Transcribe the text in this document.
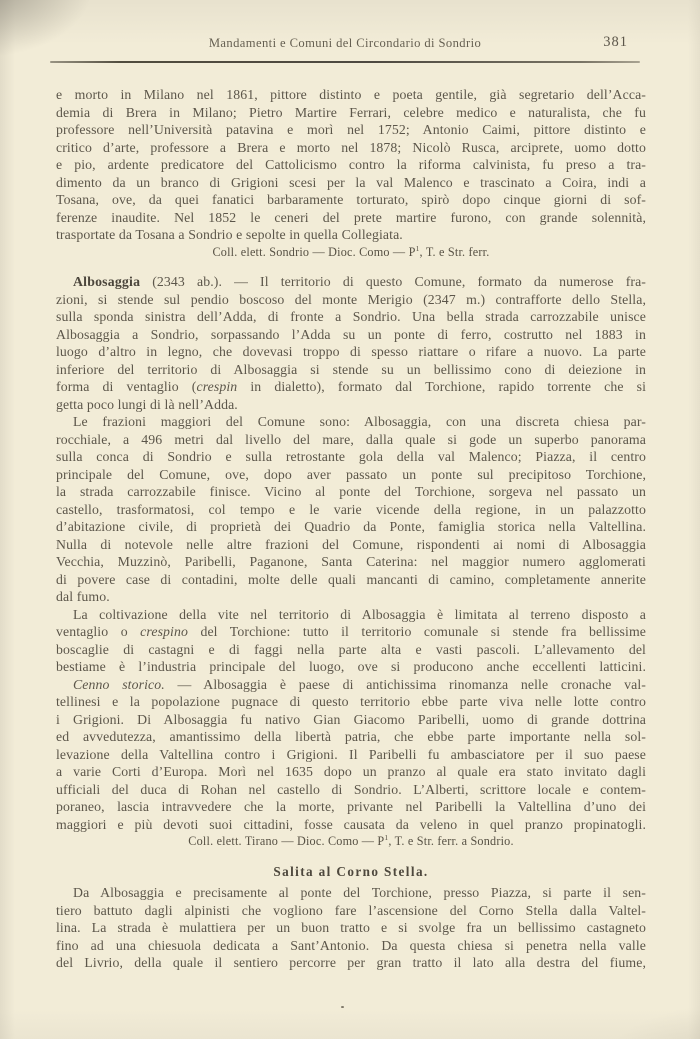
Mandamenti e Comuni del Circondario di Sondrio	381
e morto in Milano nel 1861, pittore distinto e poeta gentile, già segretario dell’Acca-
demia di Brera in Milano; Pietro Martire Ferrari, celebre medico e naturalista, che fu
professore nell’Università patavina e morì nel 1752; Antonio Caimi, pittore distinto e
critico d’arte, professore a Brera e morto nel 1878; Nicolò Rusca, arciprete, uomo dotto
e pio, ardente predicatore del Cattolicismo contro la riforma calvinista, fu preso a tra-
dimento da un branco di Grigioni scesi per la val Malenco e trascinato a Coira, indi a
Tosana, ove, da quei fanatici barbaramente torturato, spirò dopo cinque giorni di sof-
ferenze inaudite. Nel 1852 le ceneri del prete martire furono, con grande solennità,
trasportate da Tosana a Sondrio e sepolte in quella Collegiata.
Coll. elett. Sondrio — Dioc. Como — $P^1$, T. e Str. ferr.
Albosaggia (2343 ab.). — Il territorio di questo Comune, formato da numerose fra-
zioni, si stende sul pendio boscoso del monte Merigio (2347 m.) contrafforte dello Stella,
sulla sponda sinistra dell’Adda, di fronte a Sondrio. Una bella strada carrozzabile unisce
Albosaggia a Sondrio, sorpassando l’Adda su un ponte di ferro, costrutto nel 1883 in
luogo d’altro in legno, che dovevasi troppo di spesso riattare o rifare a nuovo. La parte
inferiore del territorio di Albosaggia si stende su un bellissimo cono di deiezione in
forma di ventaglio (crespin in dialetto), formato dal Torchione, rapido torrente che si
getta poco lungi di là nell’Adda.
Le frazioni maggiori del Comune sono: Albosaggia, con una discreta chiesa par-
rocchiale, a 496 metri dal livello del mare, dalla quale si gode un superbo panorama
sulla conca di Sondrio e sulla retrostante gola della val Malenco; Piazza, il centro
principale del Comune, ove, dopo aver passato un ponte sul precipitoso Torchione,
la strada carrozzabile finisce. Vicino al ponte del Torchione, sorgeva nel passato un
castello, trasformatosi, col tempo e le varie vicende della regione, in un palazzotto
d’abitazione civile, di proprietà dei Quadrio da Ponte, famiglia storica nella Valtellina.
Nulla di notevole nelle altre frazioni del Comune, rispondenti ai nomi di Albosaggia
Vecchia, Muzzinò, Paribelli, Paganone, Santa Caterina: nel maggior numero agglomerati
di povere case di contadini, molte delle quali mancanti di camino, completamente annerite
dal fumo.
La coltivazione della vite nel territorio di Albosaggia è limitata al terreno disposto a
ventaglio o crespino del Torchione: tutto il territorio comunale si stende fra bellissime
boscaglie di castagni e di faggi nella parte alta e vasti pascoli. L’allevamento del
bestiame è l’industria principale del luogo, ove si producono anche eccellenti latticini.
Cenno storico. — Albosaggia è paese di antichissima rinomanza nelle cronache val-
tellinesi e la popolazione pugnace di questo territorio ebbe parte viva nelle lotte contro
i Grigioni. Di Albosaggia fu nativo Gian Giacomo Paribelli, uomo di grande dottrina
ed avvedutezza, amantissimo della libertà patria, che ebbe parte importante nella sol-
levazione della Valtellina contro i Grigioni. Il Paribelli fu ambasciatore per il suo paese
a varie Corti d’Europa. Morì nel 1635 dopo un pranzo al quale era stato invitato dagli
ufficiali del duca di Rohan nel castello di Sondrio. L’Alberti, scrittore locale e contem-
poraneo, lascia intravvedere che la morte, privante nel Paribelli la Valtellina d’uno dei
maggiori e più devoti suoi cittadini, fosse causata da veleno in quel pranzo propinatogli.
Coll. elett. Tirano — Dioc. Como — $P^1$, T. e Str. ferr. a Sondrio.
Salita al Corno Stella.
Da Albosaggia e precisamente al ponte del Torchione, presso Piazza, si parte il sen-
tiero battuto dagli alpinisti che vogliono fare l’ascensione del Corno Stella dalla Valtel-
lina. La strada è mulattiera per un buon tratto e si svolge fra un bellissimo castagneto
fino ad una chiesuola dedicata a Sant’Antonio. Da questa chiesa si penetra nella valle
del Livrio, della quale il sentiero percorre per gran tratto il lato alla destra del fiume,
